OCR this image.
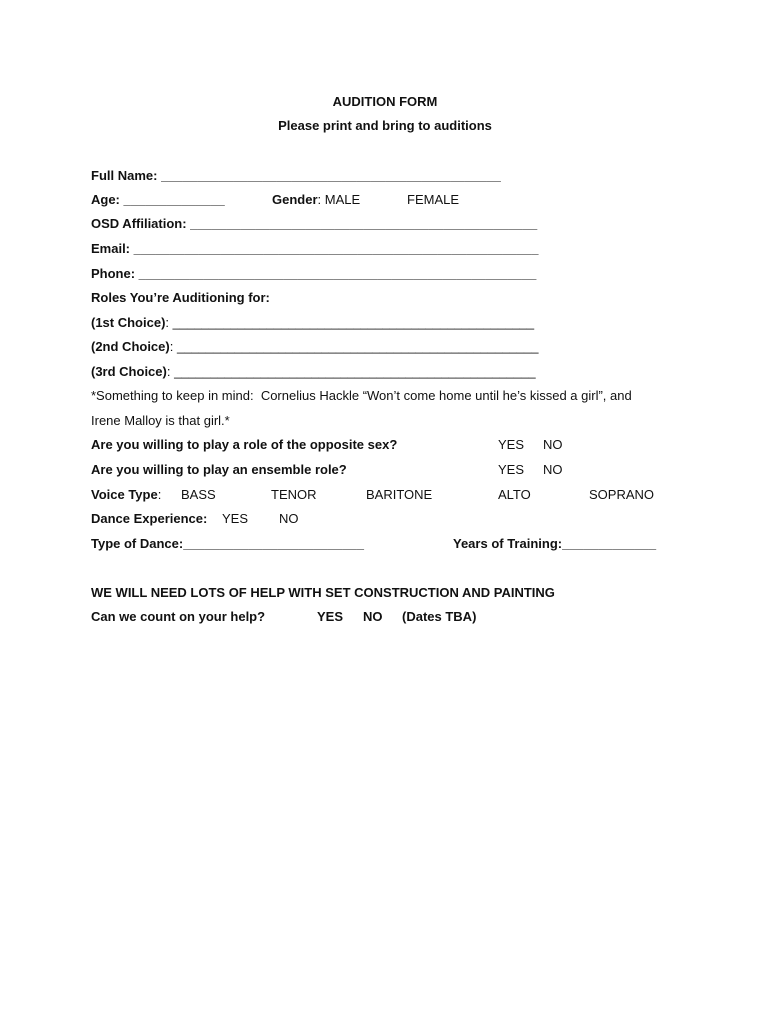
AUDITION FORM
Please print and bring to auditions
Full Name: _______________________________________________
Age: ______________	Gender: MALE	FEMALE
OSD Affiliation: ________________________________________________
Email: ________________________________________________________
Phone: _______________________________________________________
Roles You’re Auditioning for:
(1st Choice): __________________________________________________
(2nd Choice): __________________________________________________
(3rd Choice): __________________________________________________
*Something to keep in mind:  Cornelius Hackle “Won’t come home until he’s kissed a girl”, and
Irene Malloy is that girl.*
Are you willing to play a role of the opposite sex?	YES NO
Are you willing to play an ensemble role?	YES NO
Voice Type: BASS	TENOR	BARITONE	ALTO	SOPRANO
Dance Experience: YES NO
Type of Dance:_________________________	Years of Training:_____________
WE WILL NEED LOTS OF HELP WITH SET CONSTRUCTION AND PAINTING
Can we count on your help?	YES NO (Dates TBA)
